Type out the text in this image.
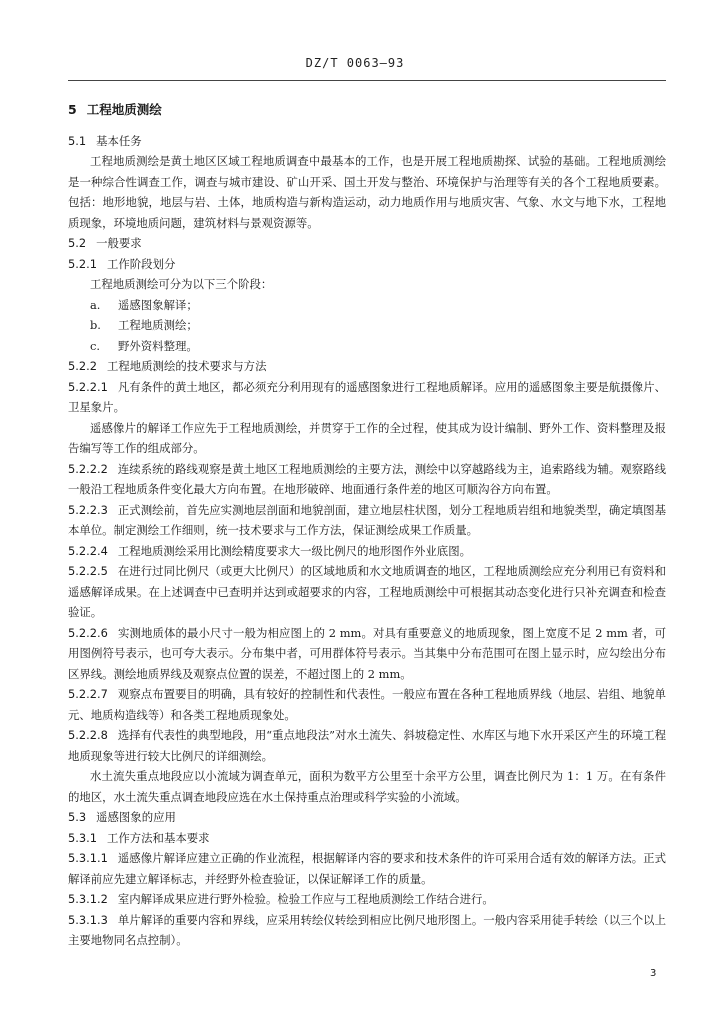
DZ/T 0063—93

5 工程地质测绘

5.1 基本任务

工程地质测绘是黄土地区区域工程地质调查中最基本的工作，也是开展工程地质勘探、试验的基础。工程地质测绘是一种综合性调查工作，调查与城市建设、矿山开采、国土开发与整治、环境保护与治理等有关的各个工程地质要素。包括：地形地貌，地层与岩、土体，地质构造与新构造运动，动力地质作用与地质灾害、气象、水文与地下水，工程地质现象，环境地质问题，建筑材料与景观资源等。

5.2 一般要求

5.2.1 工作阶段划分

工程地质测绘可分为以下三个阶段：

a. 遥感图象解译；

b. 工程地质测绘；

c. 野外资料整理。

5.2.2 工程地质测绘的技术要求与方法

5.2.2.1 凡有条件的黄土地区，都必须充分利用现有的遥感图象进行工程地质解译。应用的遥感图象主要是航摄像片、卫星象片。

遥感像片的解译工作应先于工程地质测绘，并贯穿于工作的全过程，使其成为设计编制、野外工作、资料整理及报告编写等工作的组成部分。

5.2.2.2 连续系统的路线观察是黄土地区工程地质测绘的主要方法，测绘中以穿越路线为主，追索路线为辅。观察路线一般沿工程地质条件变化最大方向布置。在地形破碎、地面通行条件差的地区可顺沟谷方向布置。

5.2.2.3 正式测绘前，首先应实测地层剖面和地貌剖面，建立地层柱状图，划分工程地质岩组和地貌类型，确定填图基本单位。制定测绘工作细则，统一技术要求与工作方法，保证测绘成果工作质量。

5.2.2.4 工程地质测绘采用比测绘精度要求大一级比例尺的地形图作外业底图。

5.2.2.5 在进行过同比例尺（或更大比例尺）的区域地质和水文地质调查的地区，工程地质测绘应充分利用已有资料和遥感解译成果。在上述调查中已查明并达到或超要求的内容，工程地质测绘中可根据其动态变化进行只补充调查和检查验证。

5.2.2.6 实测地质体的最小尺寸一般为相应图上的 2 mm。对具有重要意义的地质现象，图上宽度不足 2 mm 者，可用图例符号表示，也可夸大表示。分布集中者，可用群体符号表示。当其集中分布范围可在图上显示时，应勾绘出分布区界线。测绘地质界线及观察点位置的误差，不超过图上的 2 mm。

5.2.2.7 观察点布置要目的明确，具有较好的控制性和代表性。一般应布置在各种工程地质界线（地层、岩组、地貌单元、地质构造线等）和各类工程地质现象处。

5.2.2.8 选择有代表性的典型地段，用“重点地段法”对水土流失、斜坡稳定性、水库区与地下水开采区产生的环境工程地质现象等进行较大比例尺的详细测绘。

水土流失重点地段应以小流域为调查单元，面积为数平方公里至十余平方公里，调查比例尺为 1：1 万。在有条件的地区，水土流失重点调查地段应选在水土保持重点治理或科学实验的小流域。

5.3 遥感图象的应用

5.3.1 工作方法和基本要求

5.3.1.1 遥感像片解译应建立正确的作业流程，根据解译内容的要求和技术条件的许可采用合适有效的解译方法。正式解译前应先建立解译标志，并经野外检查验证，以保证解译工作的质量。

5.3.1.2 室内解译成果应进行野外检验。检验工作应与工程地质测绘工作结合进行。

5.3.1.3 单片解译的重要内容和界线，应采用转绘仪转绘到相应比例尺地形图上。一般内容采用徒手转绘（以三个以上主要地物同名点控制）。

3
